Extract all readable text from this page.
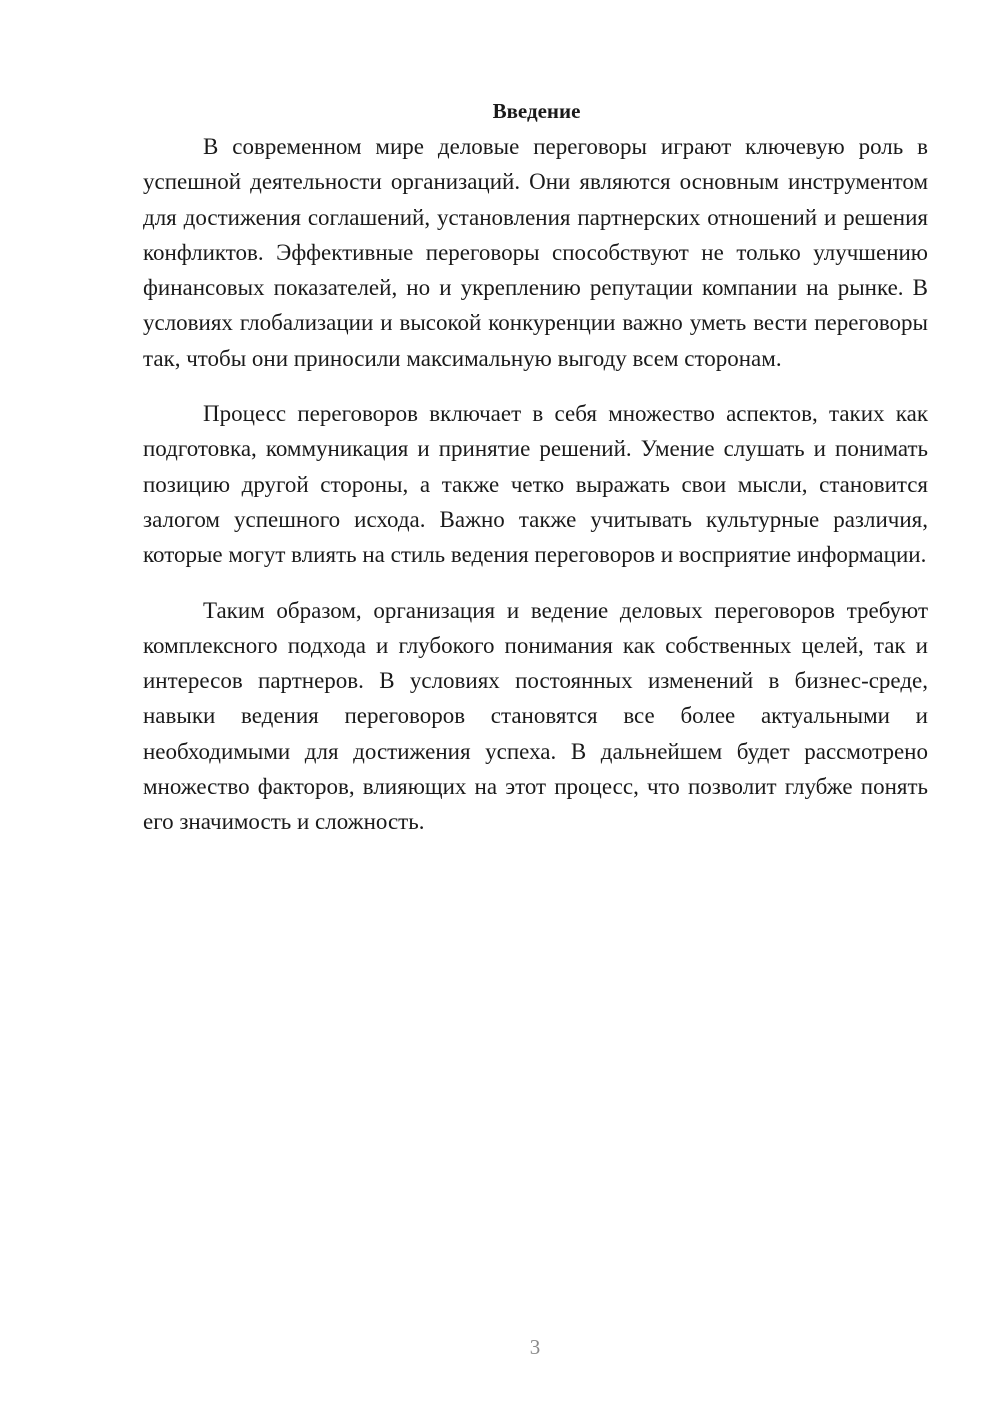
Введение

В современном мире деловые переговоры играют ключевую роль в успешной деятельности организаций. Они являются основным инструментом для достижения соглашений, установления партнерских отношений и решения конфликтов. Эффективные переговоры способствуют не только улучшению финансовых показателей, но и укреплению репутации компании на рынке. В условиях глобализации и высокой конкуренции важно уметь вести переговоры так, чтобы они приносили максимальную выгоду всем сторонам.

Процесс переговоров включает в себя множество аспектов, таких как подготовка, коммуникация и принятие решений. Умение слушать и понимать позицию другой стороны, а также четко выражать свои мысли, становится залогом успешного исхода. Важно также учитывать культурные различия, которые могут влиять на стиль ведения переговоров и восприятие информации.

Таким образом, организация и ведение деловых переговоров требуют комплексного подхода и глубокого понимания как собственных целей, так и интересов партнеров. В условиях постоянных изменений в бизнес-среде, навыки ведения переговоров становятся все более актуальными и необходимыми для достижения успеха. В дальнейшем будет рассмотрено множество факторов, влияющих на этот процесс, что позволит глубже понять его значимость и сложность.

3
